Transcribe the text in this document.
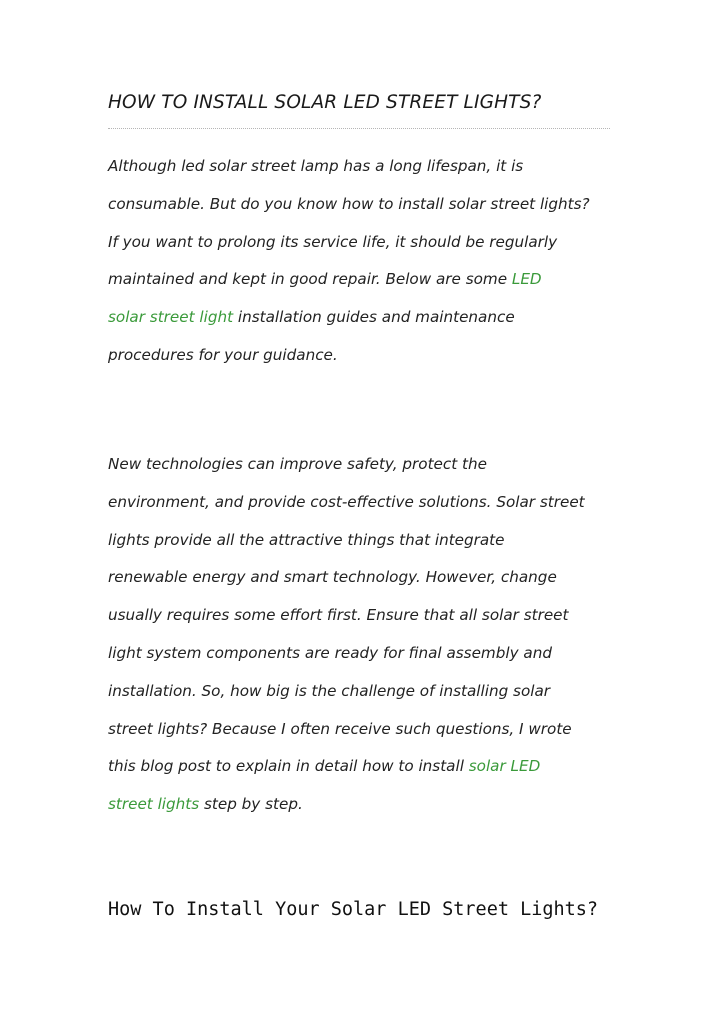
HOW TO INSTALL SOLAR LED STREET LIGHTS?

Although led solar street lamp has a long lifespan, it is
consumable. But do you know how to install solar street lights?
If you want to prolong its service life, it should be regularly
maintained and kept in good repair. Below are some LED
solar street light installation guides and maintenance
procedures for your guidance.

New technologies can improve safety, protect the
environment, and provide cost-effective solutions. Solar street
lights provide all the attractive things that integrate
renewable energy and smart technology. However, change
usually requires some effort first. Ensure that all solar street
light system components are ready for final assembly and
installation. So, how big is the challenge of installing solar
street lights? Because I often receive such questions, I wrote
this blog post to explain in detail how to install solar LED
street lights step by step.

How To Install Your Solar LED Street Lights?
